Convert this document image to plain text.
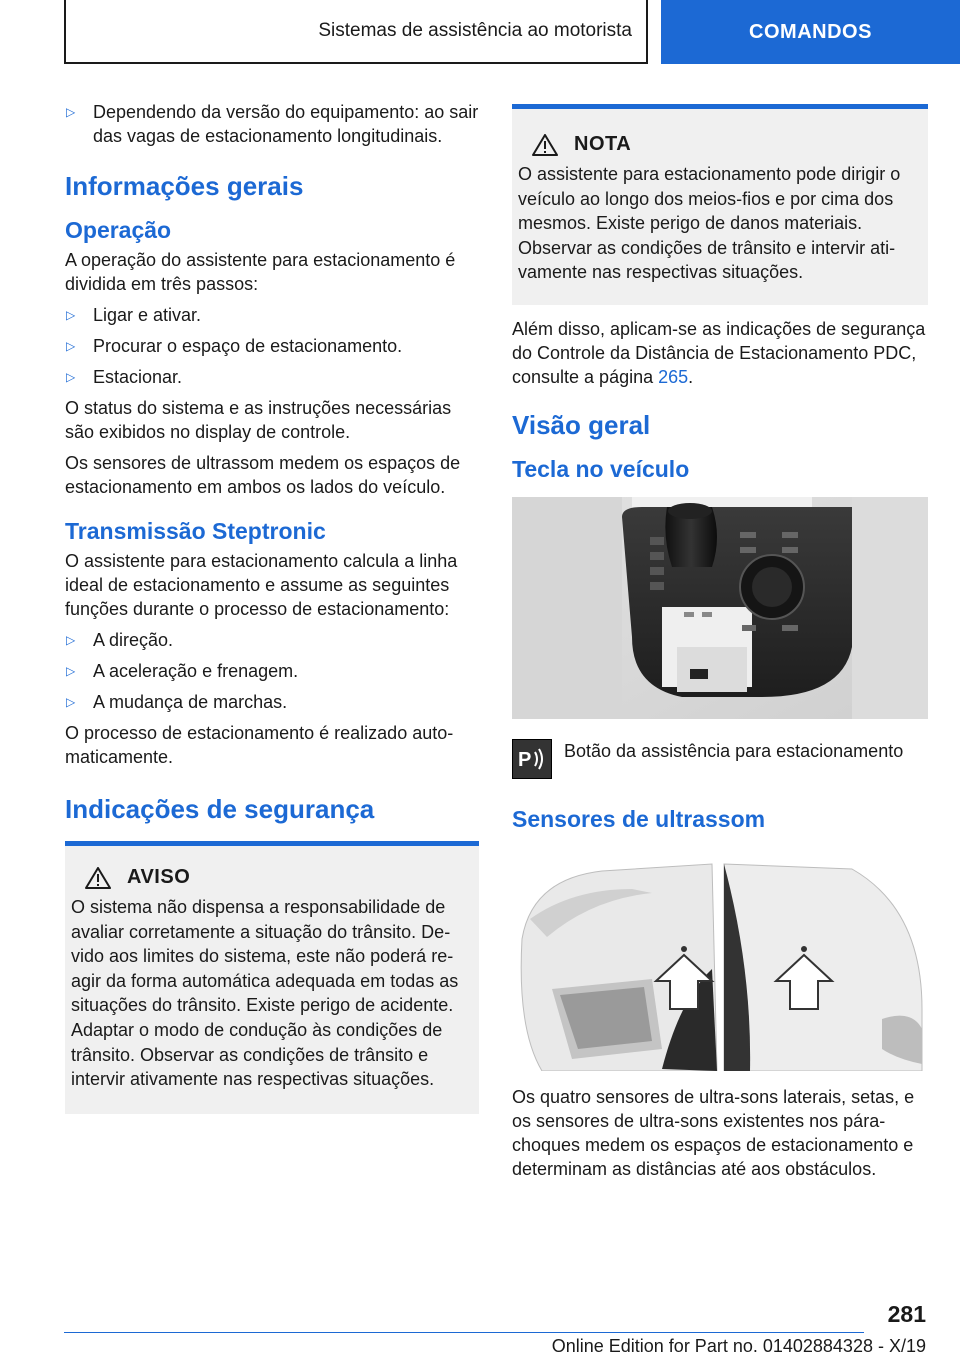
Sistemas de assistência ao motorista	COMANDOS
▷ Dependendo da versão do equipamento: ao sair das vagas de estacionamento longitudinais.
Informações gerais
Operação

A operação do assistente para estacionamento é dividida em três passos:

▷ Ligar e ativar.
▷ Procurar o espaço de estacionamento.
▷ Estacionar.

O status do sistema e as instruções necessárias são exibidos no display de controle.

Os sensores de ultrassom medem os espaços de estacionamento em ambos os lados do veículo.

Transmissão Steptronic

O assistente para estacionamento calcula a linha ideal de estacionamento e assume as seguintes funções durante o processo de estacionamento:

▷ A direção.
▷ A aceleração e frenagem.
▷ A mudança de marchas.

O processo de estacionamento é realizado automaticamente.

Indicações de segurança
AVISO

O sistema não dispensa a responsabilidade de avaliar corretamente a situação do trânsito. Devido aos limites do sistema, este não poderá reagir da forma automática adequada em todas as situações do trânsito. Existe perigo de acidente. Adaptar o modo de condução às condições de trânsito. Observar as condições de trânsito e intervir ativamente nas respectivas situações.

NOTA

O assistente para estacionamento pode dirigir o veículo ao longo dos meios-fios e por cima dos mesmos. Existe perigo de danos materiais. Observar as condições de trânsito e intervir ativamente nas respectivas situações.

Além disso, aplicam-se as indicações de segurança do Controle da Distância de Estacionamento PDC, consulte a página 265.

Visão geral
Tecla no veículo
P Botão da assistência para estacionamento
Sensores de ultrassom

Os quatro sensores de ultra-sons laterais, setas, e os sensores de ultra-sons existentes nos pára-choques medem os espaços de estacionamento e determinam as distâncias até aos obstáculos.

281
Online Edition for Part no. 01402884328 - X/19
